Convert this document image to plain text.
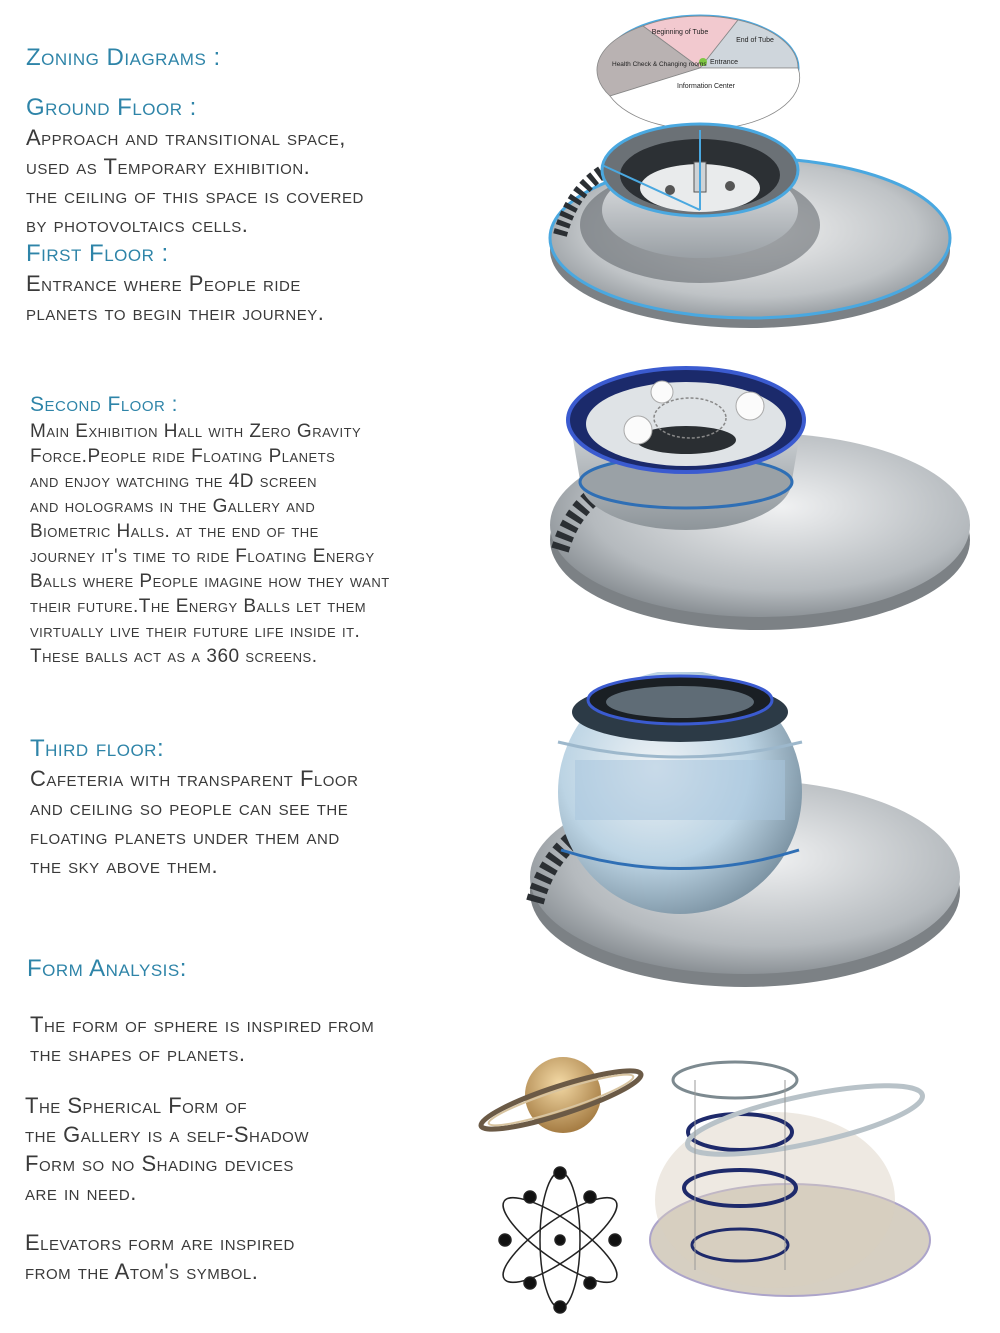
Zoning Diagrams :

Ground Floor :

Approach and transitional space,
used as Temporary exhibition.
the ceiling of this space is covered
by photovoltaics cells.

First Floor :

Entrance where People ride
planets to begin their journey.

Second Floor :

Main Exhibition Hall with Zero Gravity
Force.People ride Floating Planets
and enjoy watching the 4D screen
and holograms in the Gallery and
Biometric Halls. at the end of the
journey it's time to ride Floating Energy
Balls where People imagine how they want
their future.The Energy Balls let them
virtually live their future life inside it.
These balls act as a 360 screens.

Third floor:

Cafeteria with transparent Floor
and ceiling so people can see the
floating planets under them and
the sky above them.

Form Analysis:

The form of sphere is inspired from
the shapes of planets.

The Spherical Form of
the Gallery is a self-Shadow
Form so no Shading devices
are in need.

Elevators form are inspired
from the Atom's symbol.

Beginning of Tube
End of Tube
Health Check & Changing rooms Entrance
Information Center
